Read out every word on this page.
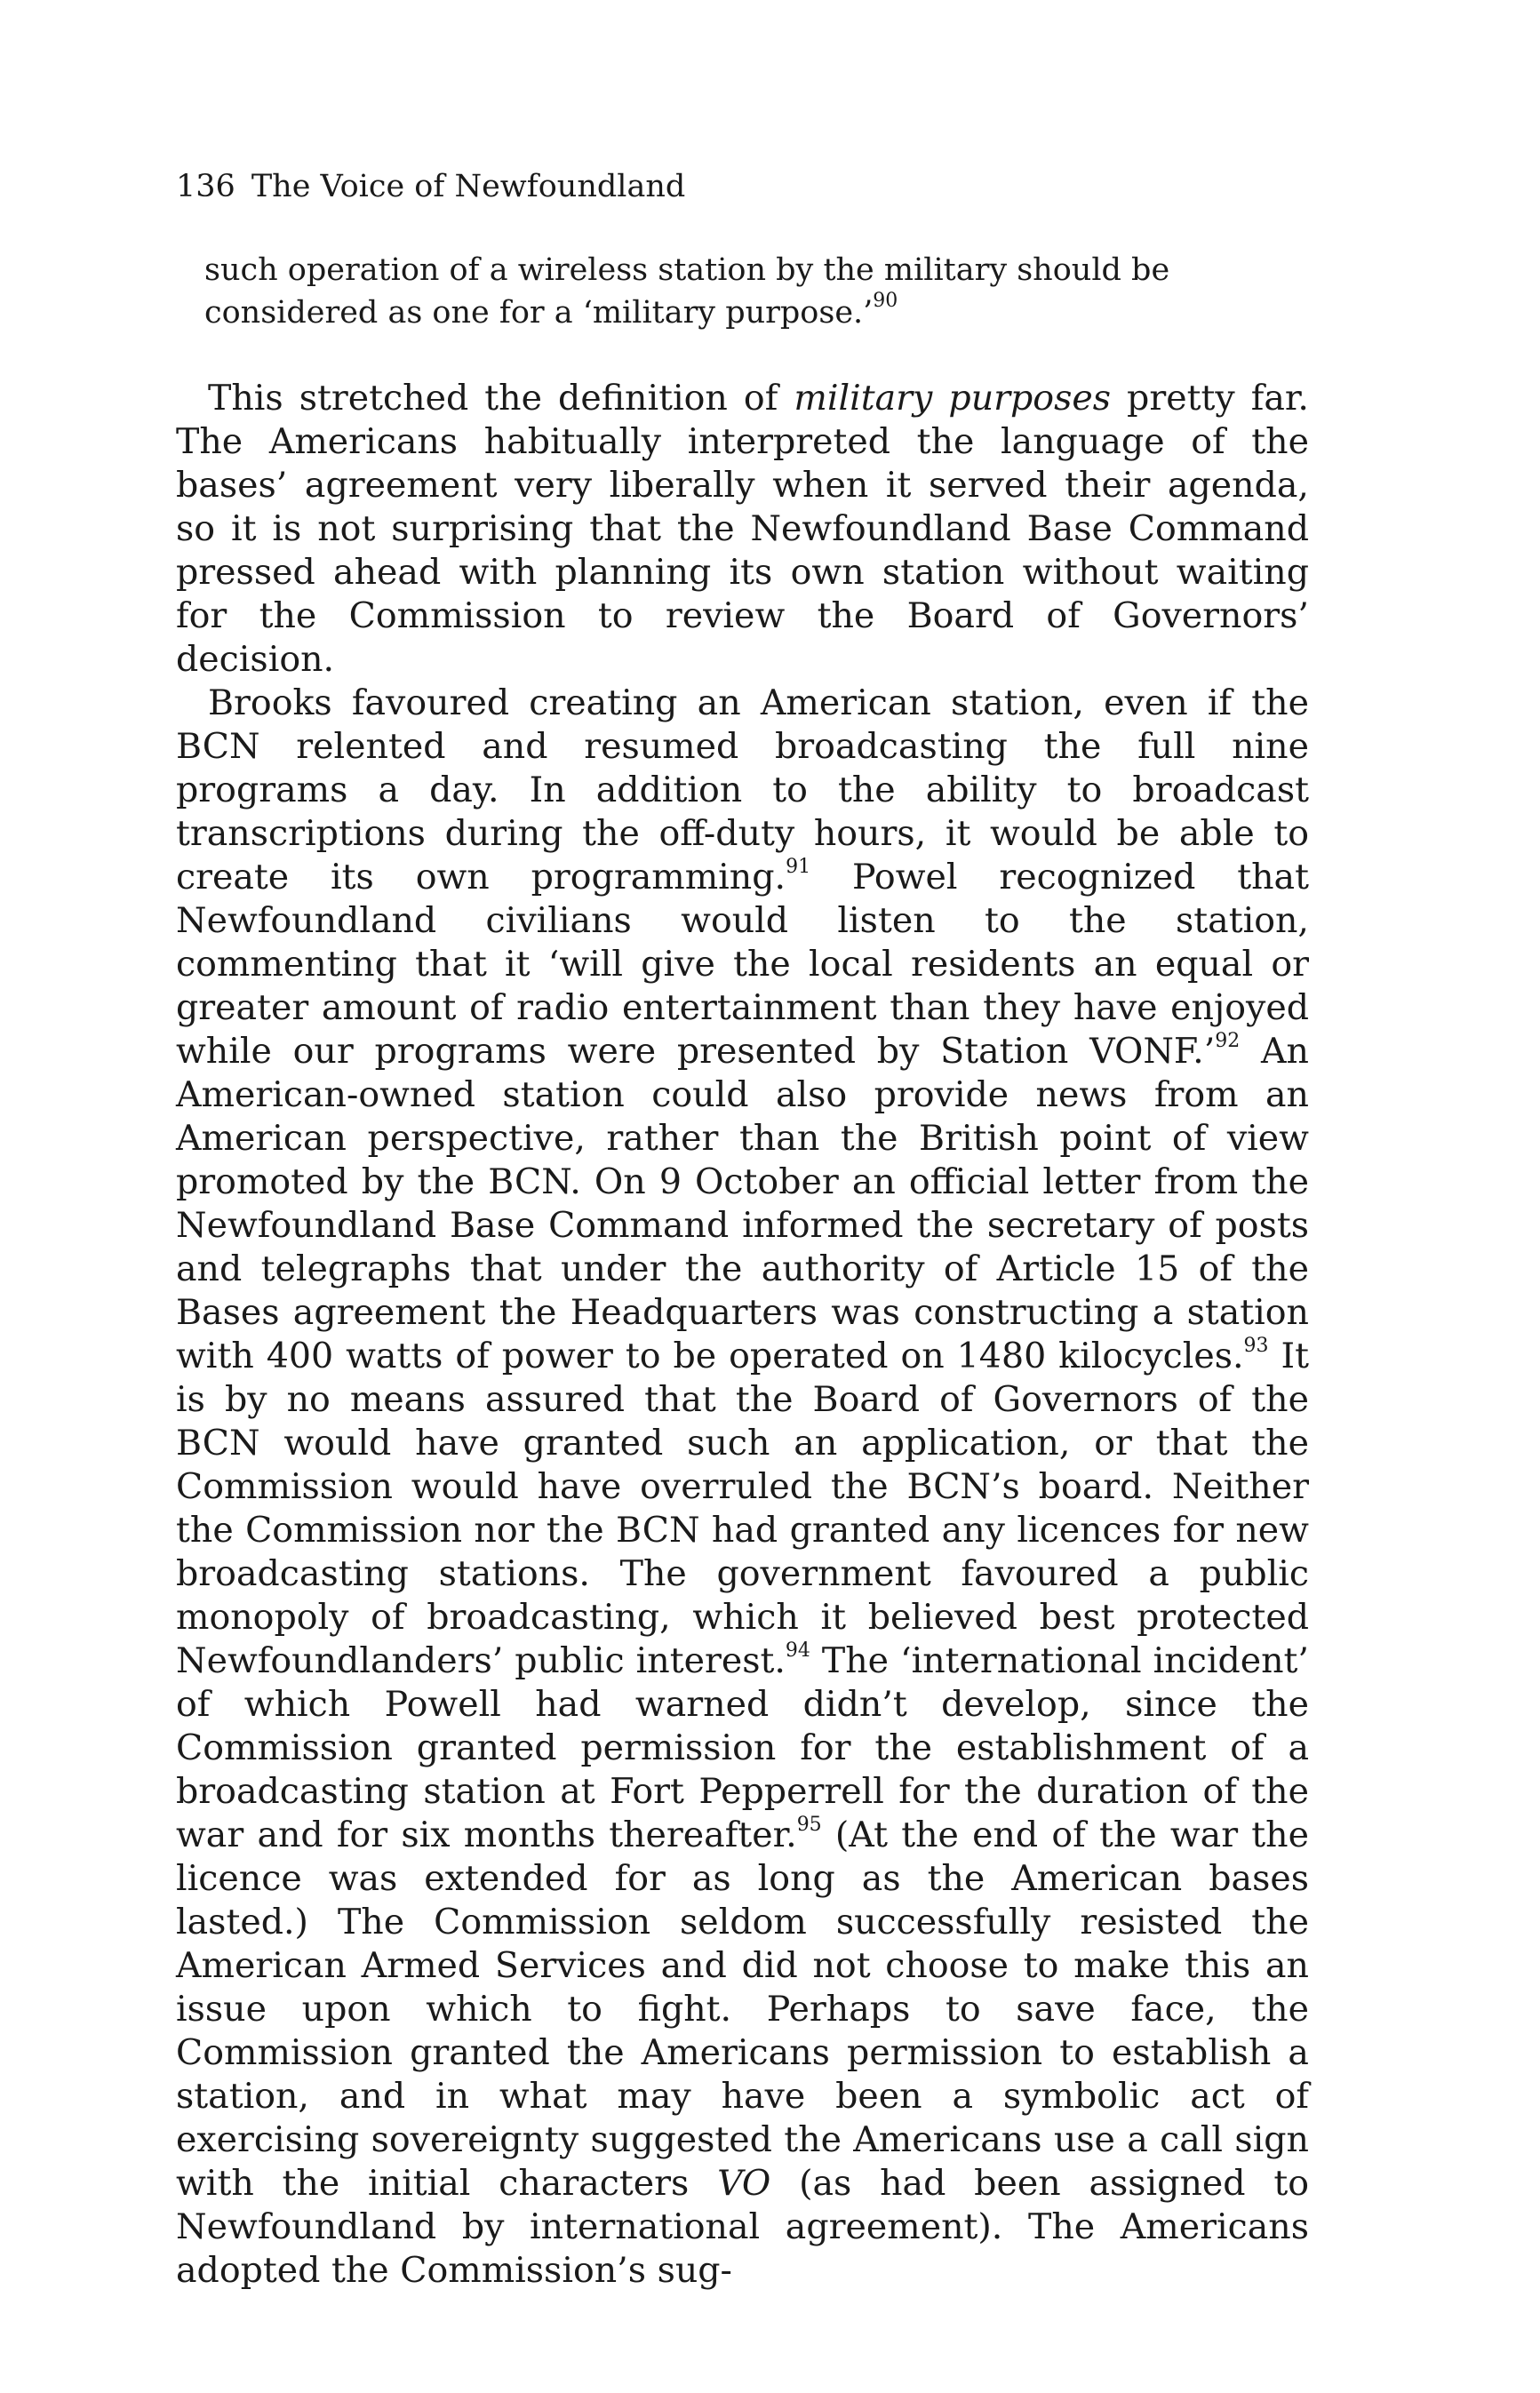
136 The Voice of Newfoundland

such operation of a wireless station by the military should be considered as one for a ‘military purpose.’$^{90}$

This stretched the definition of military purposes pretty far. The Americans habitually interpreted the language of the bases’ agreement very liberally when it served their agenda, so it is not surprising that the Newfoundland Base Command pressed ahead with planning its own station without waiting for the Commission to review the Board of Governors’ decision.

Brooks favoured creating an American station, even if the BCN relented and resumed broadcasting the full nine programs a day. In addition to the ability to broadcast transcriptions during the off-duty hours, it would be able to create its own programming.$^{91}$ Powel recognized that Newfoundland civilians would listen to the station, commenting that it ‘will give the local residents an equal or greater amount of radio entertainment than they have enjoyed while our programs were presented by Station VONF.’$^{92}$ An American-owned station could also provide news from an American perspective, rather than the British point of view promoted by the BCN. On 9 October an official letter from the Newfoundland Base Command informed the secretary of posts and telegraphs that under the authority of Article 15 of the Bases agreement the Headquarters was constructing a station with 400 watts of power to be operated on 1480 kilocycles.$^{93}$ It is by no means assured that the Board of Governors of the BCN would have granted such an application, or that the Commission would have overruled the BCN’s board. Neither the Commission nor the BCN had granted any licences for new broadcasting stations. The government favoured a public monopoly of broadcasting, which it believed best protected Newfoundlanders’ public interest.$^{94}$ The ‘international incident’ of which Powell had warned didn’t develop, since the Commission granted permission for the establishment of a broadcasting station at Fort Pepperrell for the duration of the war and for six months thereafter.$^{95}$ (At the end of the war the licence was extended for as long as the American bases lasted.) The Commission seldom successfully resisted the American Armed Services and did not choose to make this an issue upon which to fight. Perhaps to save face, the Commission granted the Americans permission to establish a station, and in what may have been a symbolic act of exercising sovereignty suggested the Americans use a call sign with the initial characters VO (as had been assigned to Newfoundland by international agreement). The Americans adopted the Commission’s sug-
